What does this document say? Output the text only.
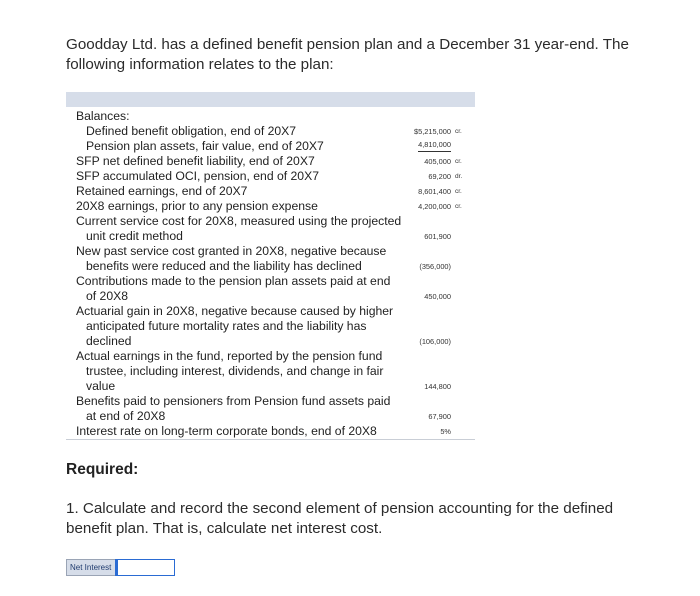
Goodday Ltd. has a defined benefit pension plan and a December 31 year-end. The following information relates to the plan:
Balances:
Defined benefit obligation, end of 20X7	$5,215,000 cr.
Pension plan assets, fair value, end of 20X7	4,810,000
SFP net defined benefit liability, end of 20X7	405,000 cr.
SFP accumulated OCI, pension, end of 20X7	69,200 dr.
Retained earnings, end of 20X7	8,601,400 cr.
20X8 earnings, prior to any pension expense	4,200,000 cr.
Current service cost for 20X8, measured using the projected
unit credit method	601,900
New past service cost granted in 20X8, negative because
benefits were reduced and the liability has declined	(356,000)
Contributions made to the pension plan assets paid at end
of 20X8	450,000
Actuarial gain in 20X8, negative because caused by higher
anticipated future mortality rates and the liability has
declined	(106,000)
Actual earnings in the fund, reported by the pension fund
trustee, including interest, dividends, and change in fair
value	144,800
Benefits paid to pensioners from Pension fund assets paid
at end of 20X8	67,900
Interest rate on long-term corporate bonds, end of 20X8	5%
Required:
1. Calculate and record the second element of pension accounting for the defined benefit plan. That is, calculate net interest cost.
Net Interest
